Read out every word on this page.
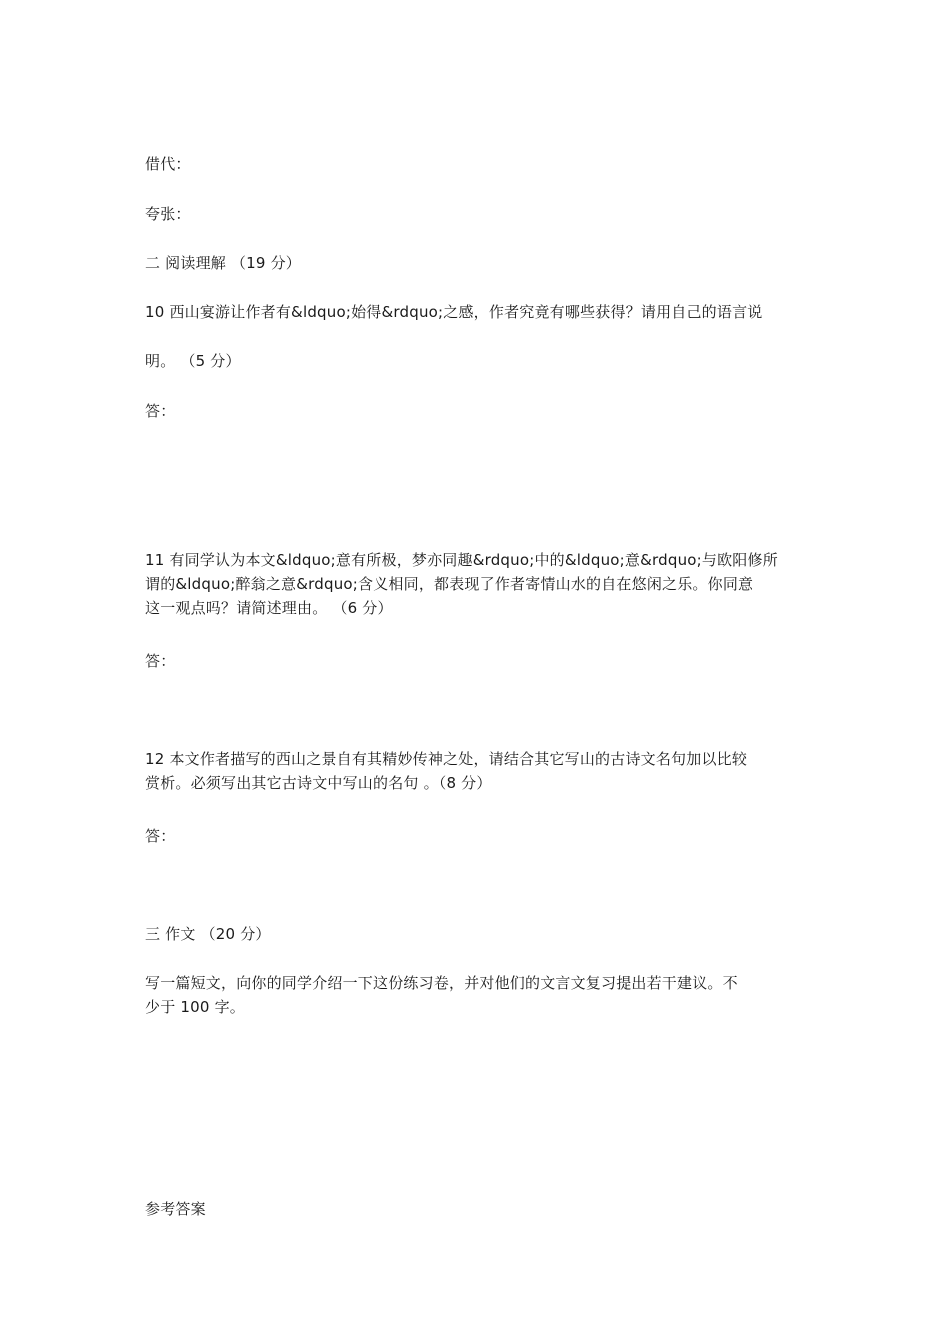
借代：
夸张：
二 阅读理解 （19 分）
10 西山宴游让作者有&ldquo;始得&rdquo;之感，作者究竟有哪些获得？请用自己的语言说
明。 （5 分）
答：
11 有同学认为本文&ldquo;意有所极，梦亦同趣&rdquo;中的&ldquo;意&rdquo;与欧阳修所
谓的&ldquo;醉翁之意&rdquo;含义相同，都表现了作者寄情山水的自在悠闲之乐。你同意
这一观点吗？请简述理由。 （6 分）
答：
12 本文作者描写的西山之景自有其精妙传神之处，请结合其它写山的古诗文名句加以比较
赏析。必须写出其它古诗文中写山的名句 。（8 分）
答：
三 作文 （20 分）
写一篇短文，向你的同学介绍一下这份练习卷，并对他们的文言文复习提出若干建议。不
少于 100 字。
参考答案
